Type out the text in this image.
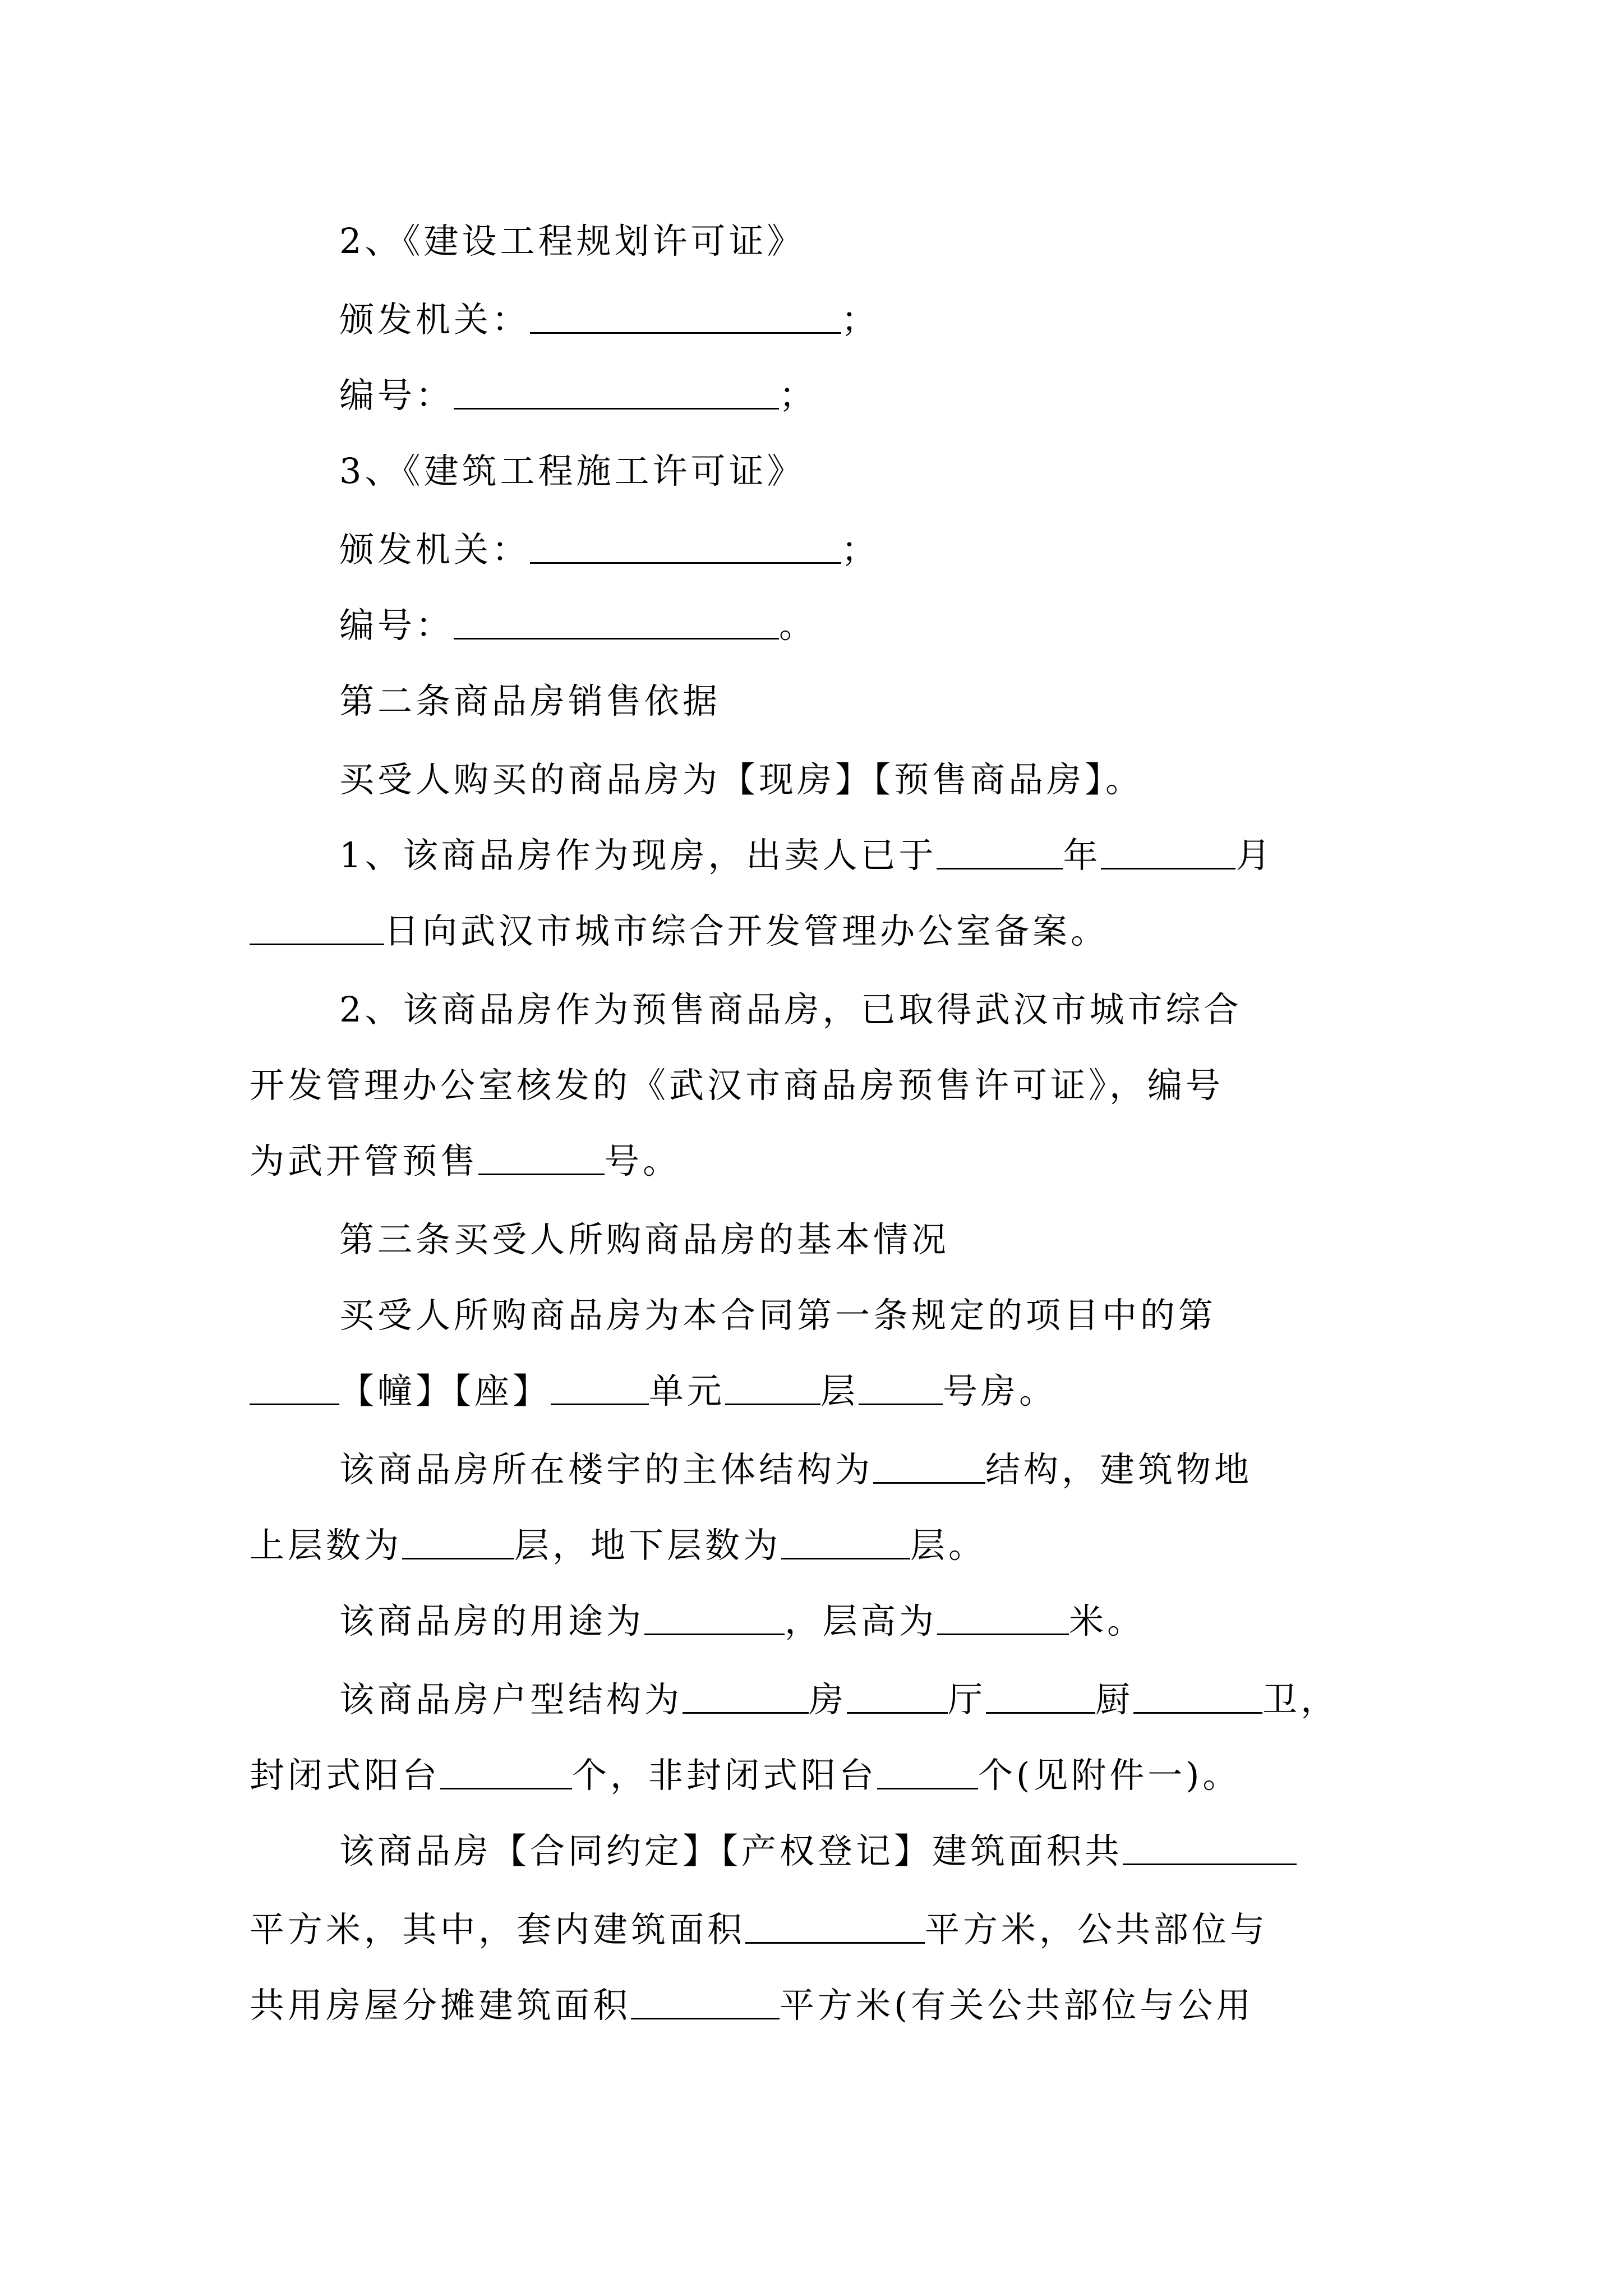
2、《建设工程规划许可证》
颁发机关：	；
编号：	；
3、《建筑工程施工许可证》
颁发机关：	；
编号：	。
第二条商品房销售依据
买受人购买的商品房为【现房】【预售商品房】。
1、该商品房作为现房，出卖人已于	年	月
日向武汉市城市综合开发管理办公室备案。
2、该商品房作为预售商品房，已取得武汉市城市综合
开发管理办公室核发的《武汉市商品房预售许可证》，编号
为武开管预售	号。
第三条买受人所购商品房的基本情况
买受人所购商品房为本合同第一条规定的项目中的第
【幢】【座】	单元	层 号房。
该商品房所在楼宇的主体结构为	结构，建筑物地
上层数为	层，地下层数为	层。
该商品房的用途为	，层高为	米。
该商品房户型结构为	房	厅	厨	卫，
封闭式阳台	个，非封闭式阳台	个(见附件一)。
该商品房【合同约定】【产权登记】建筑面积共
平方米，其中，套内建筑面积	平方米，公共部位与
共用房屋分摊建筑面积	平方米(有关公共部位与公用
